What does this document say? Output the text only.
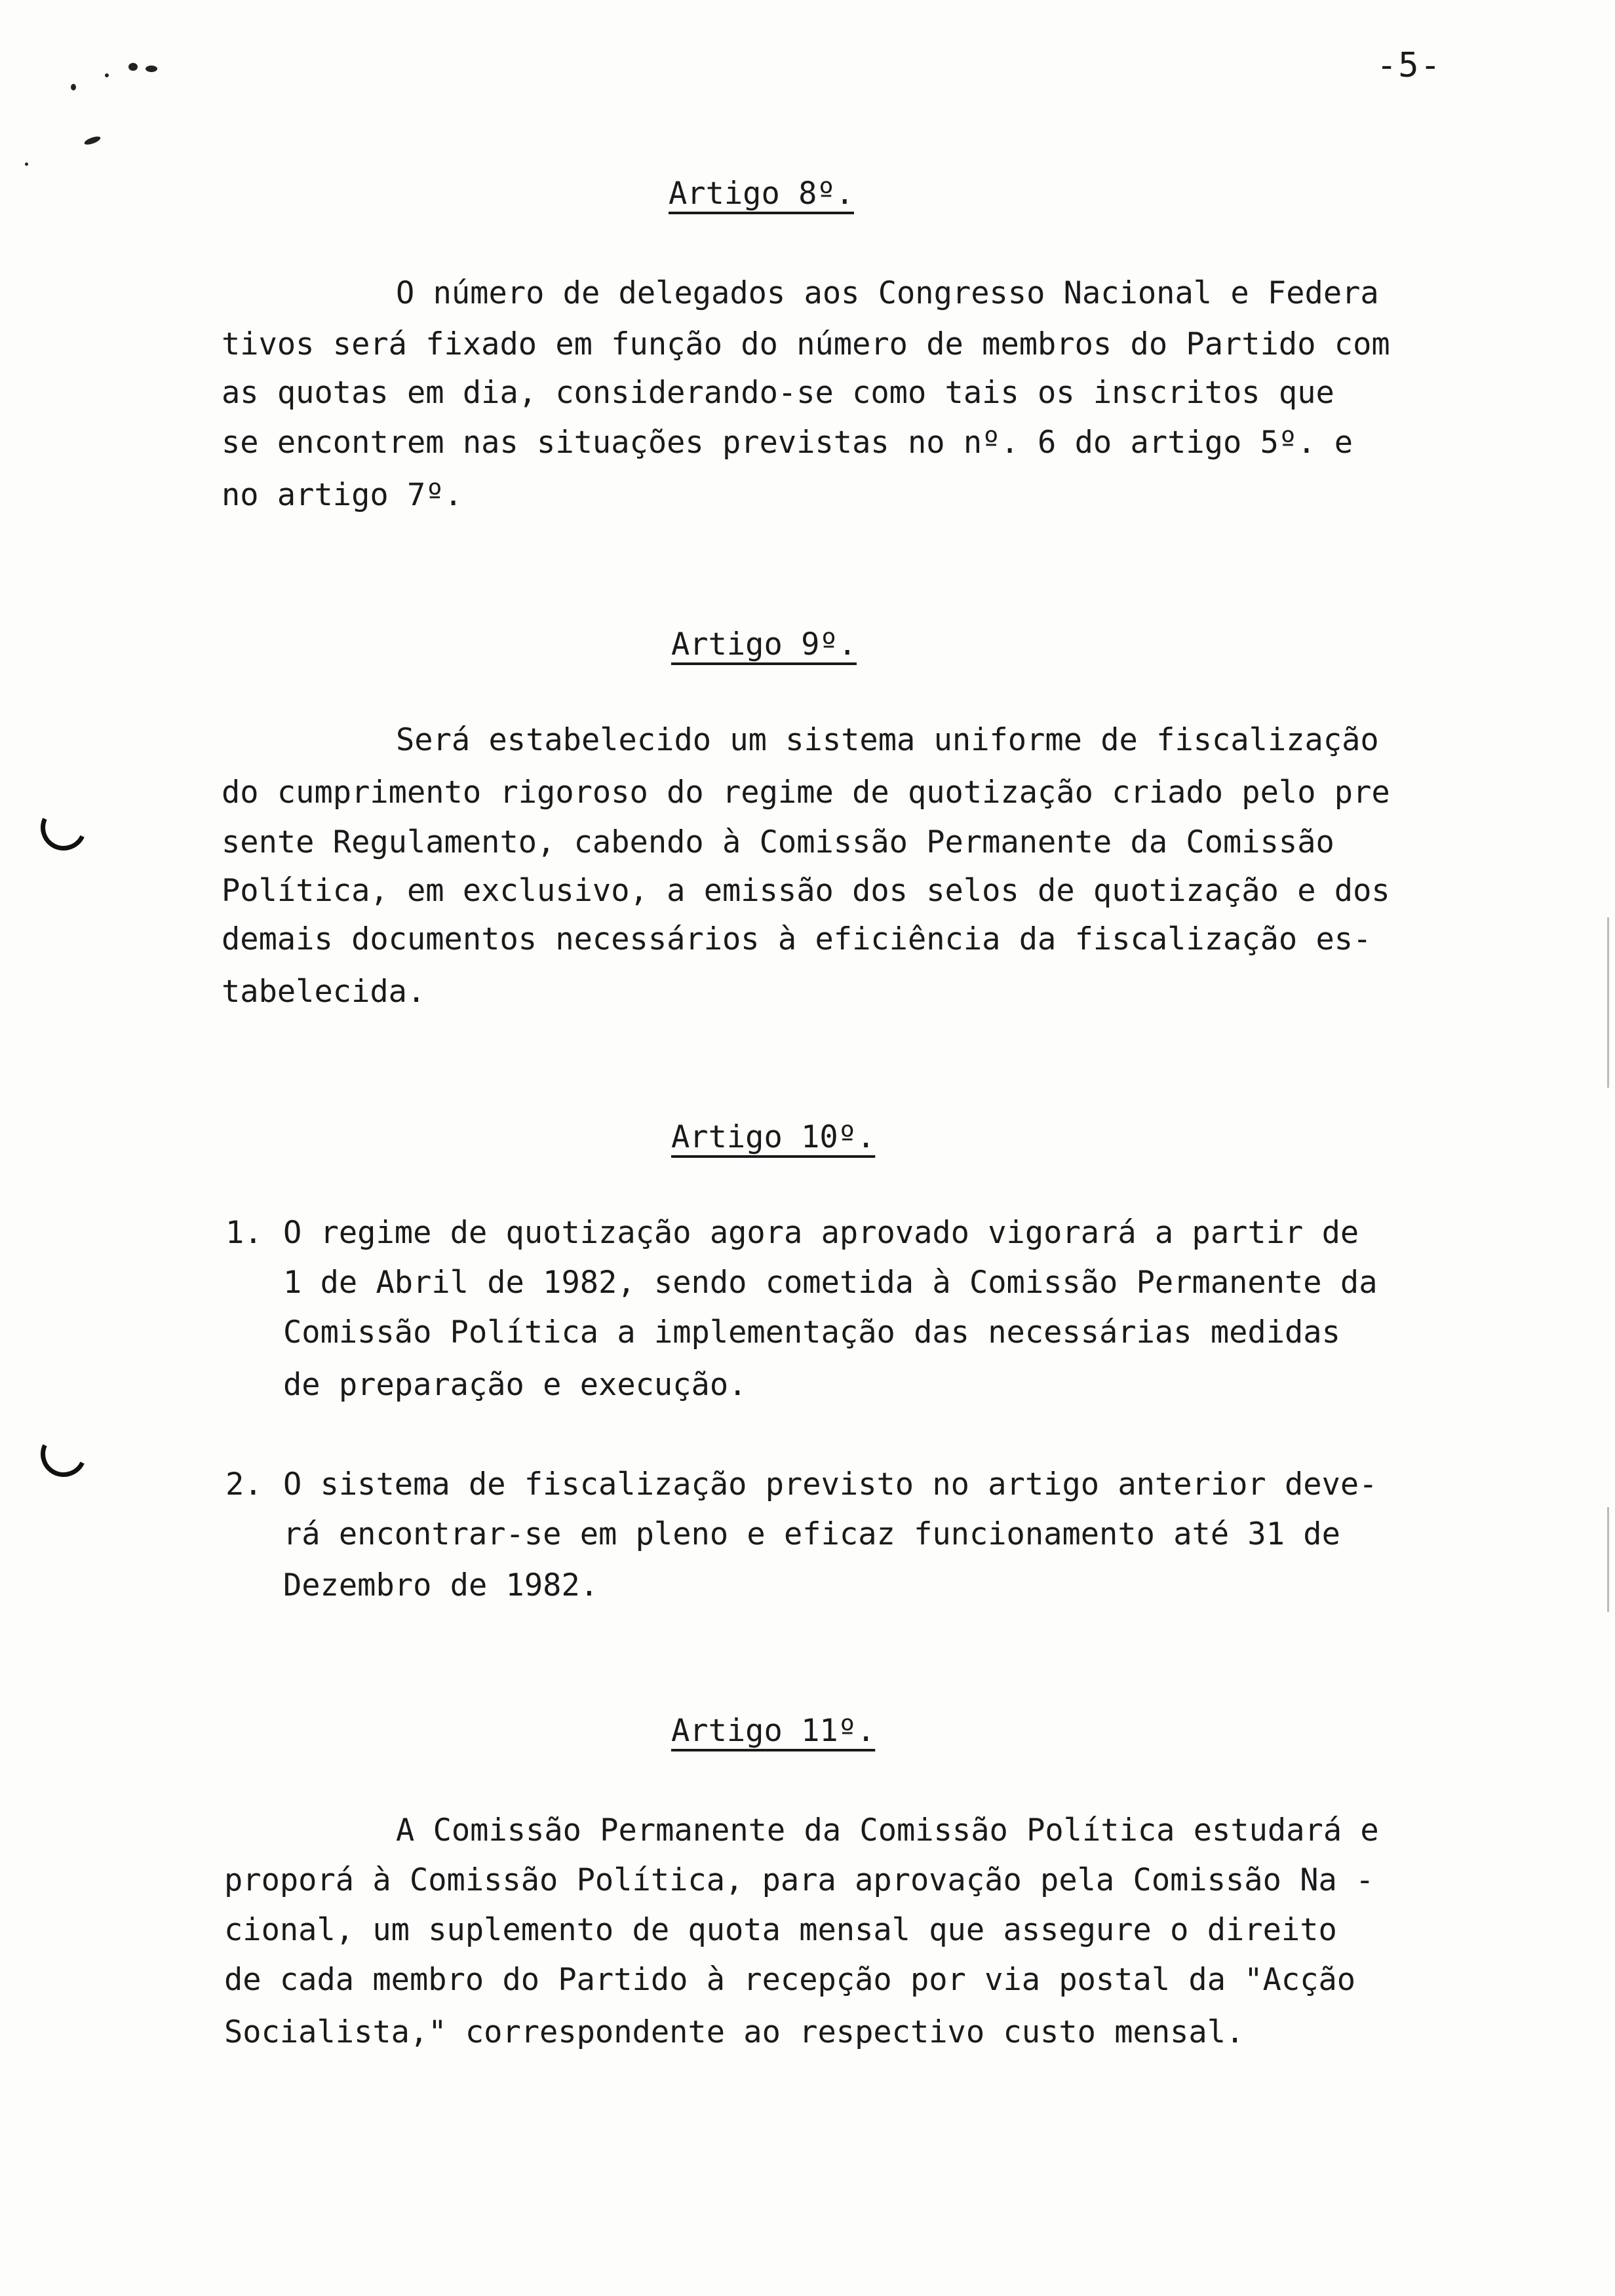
-5-
Artigo 8º.
O número de delegados aos Congresso Nacional e Federa
tivos será fixado em função do número de membros do Partido com
as quotas em dia, considerando-se como tais os inscritos que
se encontrem nas situações previstas no nº. 6 do artigo 5º. e
no artigo 7º.
Artigo 9º.
Será estabelecido um sistema uniforme de fiscalização
do cumprimento rigoroso do regime de quotização criado pelo pre
sente Regulamento, cabendo à Comissão Permanente da Comissão
Política, em exclusivo, a emissão dos selos de quotização e dos
demais documentos necessários à eficiência da fiscalização es-
tabelecida.
Artigo 10º.
1. O regime de quotização agora aprovado vigorará a partir de
1 de Abril de 1982, sendo cometida à Comissão Permanente da
Comissão Política a implementação das necessárias medidas
de preparação e execução.
2. O sistema de fiscalização previsto no artigo anterior deve-
rá encontrar-se em pleno e eficaz funcionamento até 31 de
Dezembro de 1982.
Artigo 11º.
A Comissão Permanente da Comissão Política estudará e
proporá à Comissão Política, para aprovação pela Comissão Na -
cional, um suplemento de quota mensal que assegure o direito
de cada membro do Partido à recepção por via postal da "Acção
Socialista," correspondente ao respectivo custo mensal.
